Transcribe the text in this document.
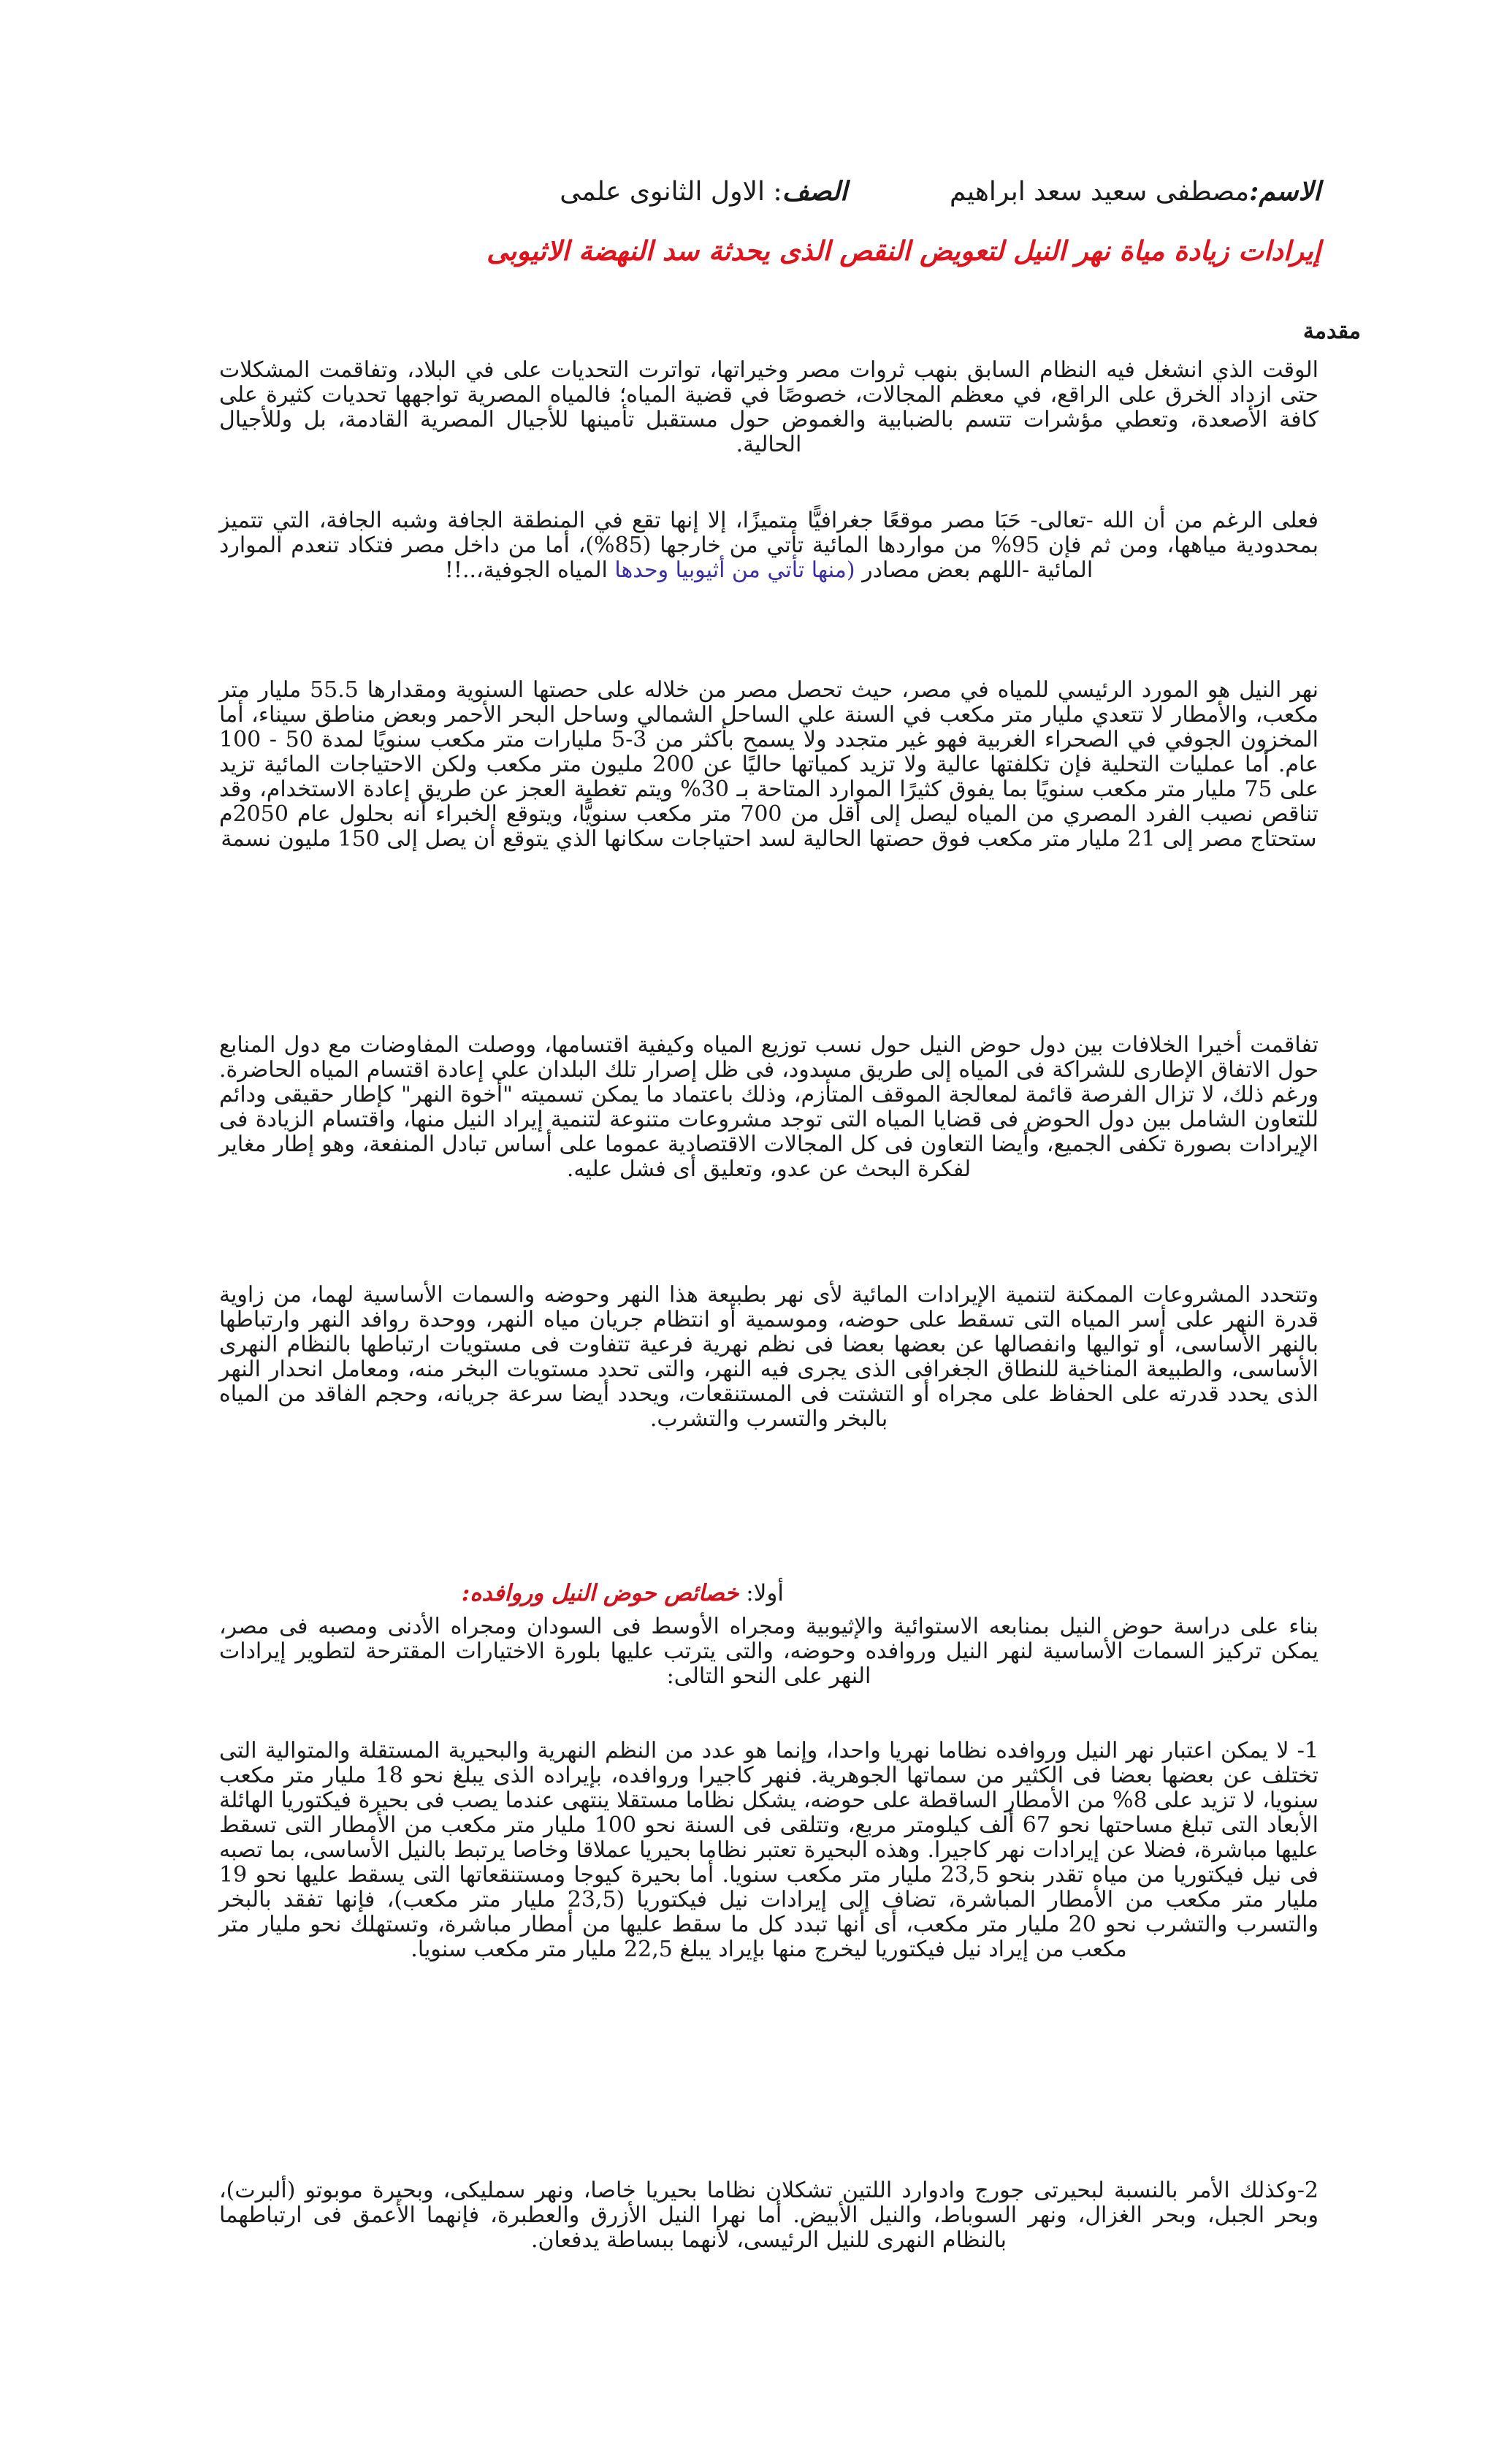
الاسم:مصطفى سعيد سعد ابراهيمالصف: الاول الثانوى علمى
إيرادات زيادة مياة نهر النيل لتعويض النقص الذى يحدثة سد النهضة الاثيوبى
مقدمة

الوقت الذي انشغل فيه النظام السابق بنهب ثروات مصر وخيراتها، تواترت التحديات على في البلاد، وتفاقمت المشكلات حتى ازداد الخرق على الراقع، في معظم المجالات، خصوصًا في قضية المياه؛ فالمياه المصرية تواجهها تحديات كثيرة على كافة الأصعدة، وتعطي مؤشرات تتسم بالضبابية والغموض حول مستقبل تأمينها للأجيال المصرية القادمة، بل وللأجيال الحالية.

فعلى الرغم من أن الله -تعالى- حَبَا مصر موقعًا جغرافيًّا متميزًا، إلا إنها تقع في المنطقة الجافة وشبه الجافة، التي تتميز بمحدودية مياهها، ومن ثم فإن 95% من مواردها المائية تأتي من خارجها (85%)، أما من داخل مصر فتكاد تنعدم الموارد المائية -اللهم بعض مصادر (منها تأتي من أثيوبيا وحدها المياه الجوفية،..!!

نهر النيل هو المورد الرئيسي للمياه في مصر، حيث تحصل مصر من خلاله على حصتها السنوية ومقدارها 55.5 مليار متر مكعب، والأمطار لا تتعدي مليار متر مكعب في السنة علي الساحل الشمالي وساحل البحر الأحمر وبعض مناطق سيناء، أما المخزون الجوفي في الصحراء الغربية فهو غير متجدد ولا يسمح بأكثر من 3-5 مليارات متر مكعب سنويًا لمدة 50 - 100 عام. أما عمليات التحلية فإن تكلفتها عالية ولا تزيد كمياتها حاليًا عن 200 مليون متر مكعب ولكن الاحتياجات المائية تزيد على 75 مليار متر مكعب سنويًا بما يفوق كثيرًا الموارد المتاحة بـ 30% ويتم تغطية العجز عن طريق إعادة الاستخدام، وقد تناقص نصيب الفرد المصري من المياه ليصل إلى أقل من 700 متر مكعب سنويًّا، ويتوقع الخبراء أنه بحلول عام 2050م ستحتاج مصر إلى 21 مليار متر مكعب فوق حصتها الحالية لسد احتياجات سكانها الذي يتوقع أن يصل إلى 150 مليون نسمة

تفاقمت أخيرا الخلافات بين دول حوض النيل حول نسب توزيع المياه وكيفية اقتسامها، ووصلت المفاوضات مع دول المنابع حول الاتفاق الإطارى للشراكة فى المياه إلى طريق مسدود، فى ظل إصرار تلك البلدان على إعادة اقتسام المياه الحاضرة. ورغم ذلك، لا تزال الفرصة قائمة لمعالجة الموقف المتأزم، وذلك باعتماد ما يمكن تسميته "أخوة النهر" كإطار حقيقى ودائم للتعاون الشامل بين دول الحوض فى قضايا المياه التى توجد مشروعات متنوعة لتنمية إيراد النيل منها، واقتسام الزيادة فى الإيرادات بصورة تكفى الجميع، وأيضا التعاون فى كل المجالات الاقتصادية عموما على أساس تبادل المنفعة، وهو إطار مغاير لفكرة البحث عن عدو، وتعليق أى فشل عليه.

وتتحدد المشروعات الممكنة لتنمية الإيرادات المائية لأى نهر بطبيعة هذا النهر وحوضه والسمات الأساسية لهما، من زاوية قدرة النهر على أسر المياه التى تسقط على حوضه، وموسمية أو انتظام جريان مياه النهر، ووحدة روافد النهر وارتباطها بالنهر الأساسى، أو تواليها وانفصالها عن بعضها بعضا فى نظم نهرية فرعية تتفاوت فى مستويات ارتباطها بالنظام النهرى الأساسى، والطبيعة المناخية للنطاق الجغرافى الذى يجرى فيه النهر، والتى تحدد مستويات البخر منه، ومعامل انحدار النهر الذى يحدد قدرته على الحفاظ على مجراه أو التشتت فى المستنقعات، ويحدد أيضا سرعة جريانه، وحجم الفاقد من المياه بالبخر والتسرب والتشرب.

أولا: خصائص حوض النيل وروافده:

بناء على دراسة حوض النيل بمنابعه الاستوائية والإثيوبية ومجراه الأوسط فى السودان ومجراه الأدنى ومصبه فى مصر، يمكن تركيز السمات الأساسية لنهر النيل وروافده وحوضه، والتى يترتب عليها بلورة الاختيارات المقترحة لتطوير إيرادات النهر على النحو التالى:

1- لا يمكن اعتبار نهر النيل وروافده نظاما نهريا واحدا، وإنما هو عدد من النظم النهرية والبحيرية المستقلة والمتوالية التى تختلف عن بعضها بعضا فى الكثير من سماتها الجوهرية. فنهر كاجيرا وروافده، بإيراده الذى يبلغ نحو 18 مليار متر مكعب سنويا، لا تزيد على 8% من الأمطار الساقطة على حوضه، يشكل نظاما مستقلا ينتهى عندما يصب فى بحيرة فيكتوريا الهائلة الأبعاد التى تبلغ مساحتها نحو 67 ألف كيلومتر مربع، وتتلقى فى السنة نحو 100 مليار متر مكعب من الأمطار التى تسقط عليها مباشرة، فضلا عن إيرادات نهر كاجيرا. وهذه البحيرة تعتبر نظاما بحيريا عملاقا وخاصا يرتبط بالنيل الأساسى، بما تصبه فى نيل فيكتوريا من مياه تقدر بنحو 23,5 مليار متر مكعب سنويا. أما بحيرة كيوجا ومستنقعاتها التى يسقط عليها نحو 19 مليار متر مكعب من الأمطار المباشرة، تضاف إلى إيرادات نيل فيكتوريا (23,5 مليار متر مكعب)، فإنها تفقد بالبخر والتسرب والتشرب نحو 20 مليار متر مكعب، أى أنها تبدد كل ما سقط عليها من أمطار مباشرة، وتستهلك نحو مليار متر مكعب من إيراد نيل فيكتوريا ليخرج منها بإيراد يبلغ 22,5 مليار متر مكعب سنويا.

2-وكذلك الأمر بالنسبة لبحيرتى جورج وادوارد اللتين تشكلان نظاما بحيريا خاصا، ونهر سمليكى، وبحيرة موبوتو (ألبرت)، وبحر الجبل، وبحر الغزال، ونهر السوباط، والنيل الأبيض. أما نهرا النيل الأزرق والعطبرة، فإنهما الأعمق فى ارتباطهما بالنظام النهرى للنيل الرئيسى، لأنهما ببساطة يدفعان.
